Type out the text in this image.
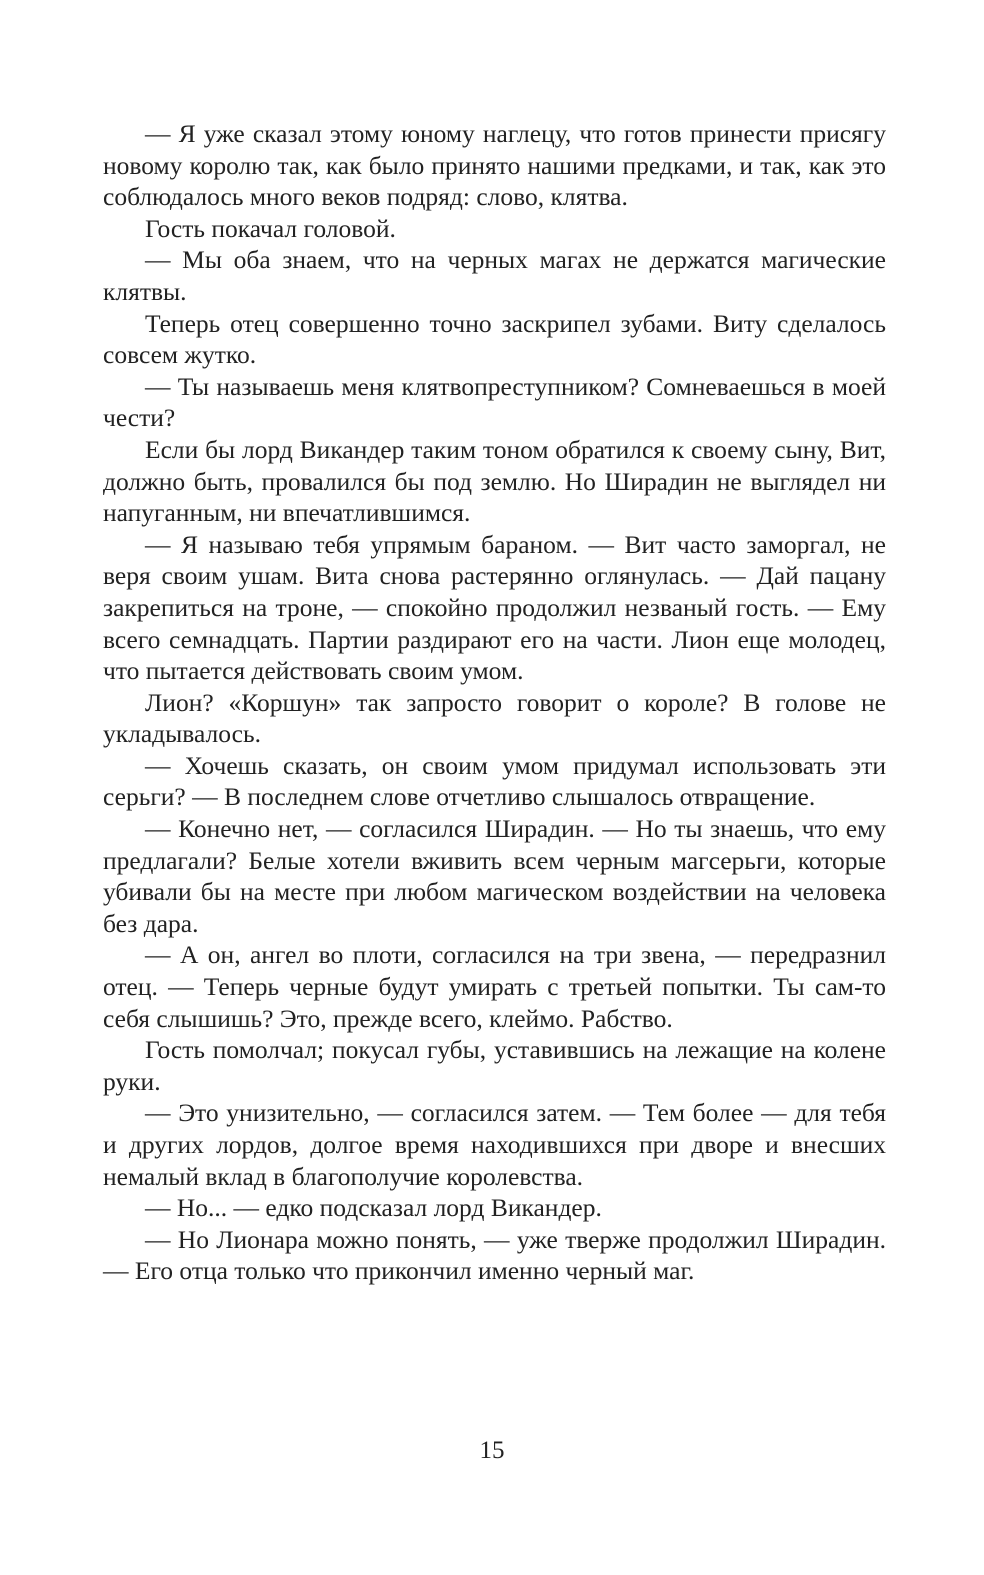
— Я уже сказал этому юному наглецу, что готов принести присягу новому королю так, как было принято нашими предками, и так, как это соблюдалось много веков подряд: слово, клятва.

Гость покачал головой.

— Мы оба знаем, что на черных магах не держатся магические клятвы.

Теперь отец совершенно точно заскрипел зубами. Виту сделалось совсем жутко.

— Ты называешь меня клятвопреступником? Сомневаешься в моей чести?

Если бы лорд Викандер таким тоном обратился к своему сыну, Вит, должно быть, провалился бы под землю. Но Ширадин не выглядел ни напуганным, ни впечатлившимся.

— Я называю тебя упрямым бараном. — Вит часто заморгал, не веря своим ушам. Вита снова растерянно оглянулась. — Дай пацану закрепиться на троне, — спокойно продолжил незваный гость. — Ему всего семнадцать. Партии раздирают его на части. Лион еще молодец, что пытается действовать своим умом.

Лион? «Коршун» так запросто говорит о короле? В голове не укладывалось.

— Хочешь сказать, он своим умом придумал использовать эти серьги? — В последнем слове отчетливо слышалось отвращение.

— Конечно нет, — согласился Ширадин. — Но ты знаешь, что ему предлагали? Белые хотели вживить всем черным магсерьги, которые убивали бы на месте при любом магическом воздействии на человека без дара.

— А он, ангел во плоти, согласился на три звена, — передразнил отец. — Теперь черные будут умирать с третьей попытки. Ты сам-то себя слышишь? Это, прежде всего, клеймо. Рабство.

Гость помолчал; покусал губы, уставившись на лежащие на колене руки.

— Это унизительно, — согласился затем. — Тем более — для тебя и других лордов, долгое время находившихся при дворе и внесших немалый вклад в благополучие королевства.

— Но... — едко подсказал лорд Викандер.

— Но Лионара можно понять, — уже тверже продолжил Ширадин. — Его отца только что прикончил именно черный маг.

15
